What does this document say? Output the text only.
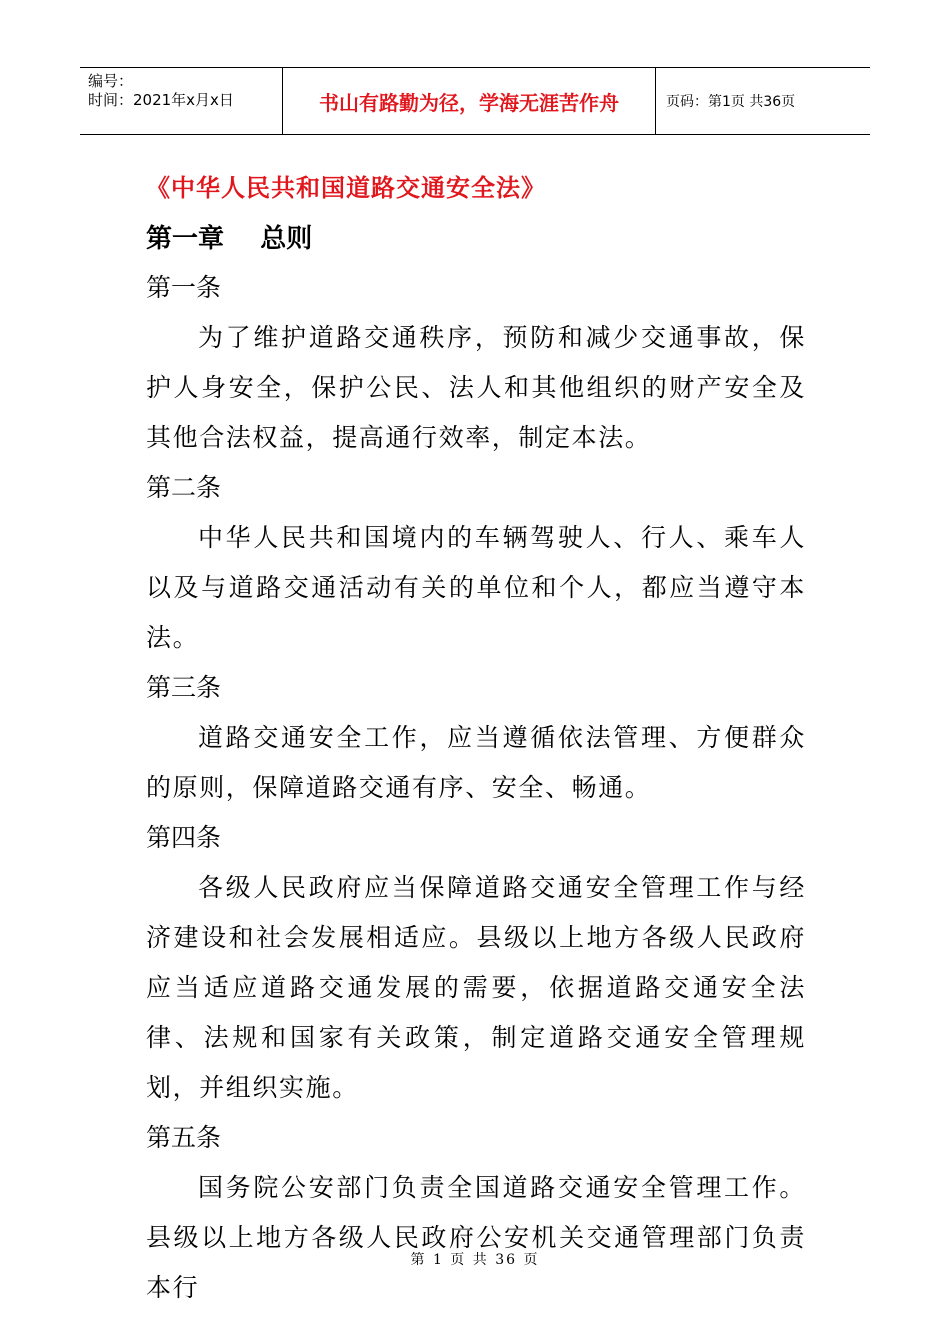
编号：
时间：2021年x月x日	书山有路勤为径，学海无涯苦作舟	页码：第1页 共36页
《中华人民共和国道路交通安全法》
第一章    总则

第一条

为了维护道路交通秩序，预防和减少交通事故，保护人身安全，保护公民、法人和其他组织的财产安全及其他合法权益，提高通行效率，制定本法。

第二条

中华人民共和国境内的车辆驾驶人、行人、乘车人以及与道路交通活动有关的单位和个人，都应当遵守本法。

第三条

道路交通安全工作，应当遵循依法管理、方便群众的原则，保障道路交通有序、安全、畅通。

第四条

各级人民政府应当保障道路交通安全管理工作与经济建设和社会发展相适应。县级以上地方各级人民政府应当适应道路交通发展的需要，依据道路交通安全法律、法规和国家有关政策，制定道路交通安全管理规划，并组织实施。

第五条

国务院公安部门负责全国道路交通安全管理工作。县级以上地方各级人民政府公安机关交通管理部门负责本行

第 1 页 共 36 页
